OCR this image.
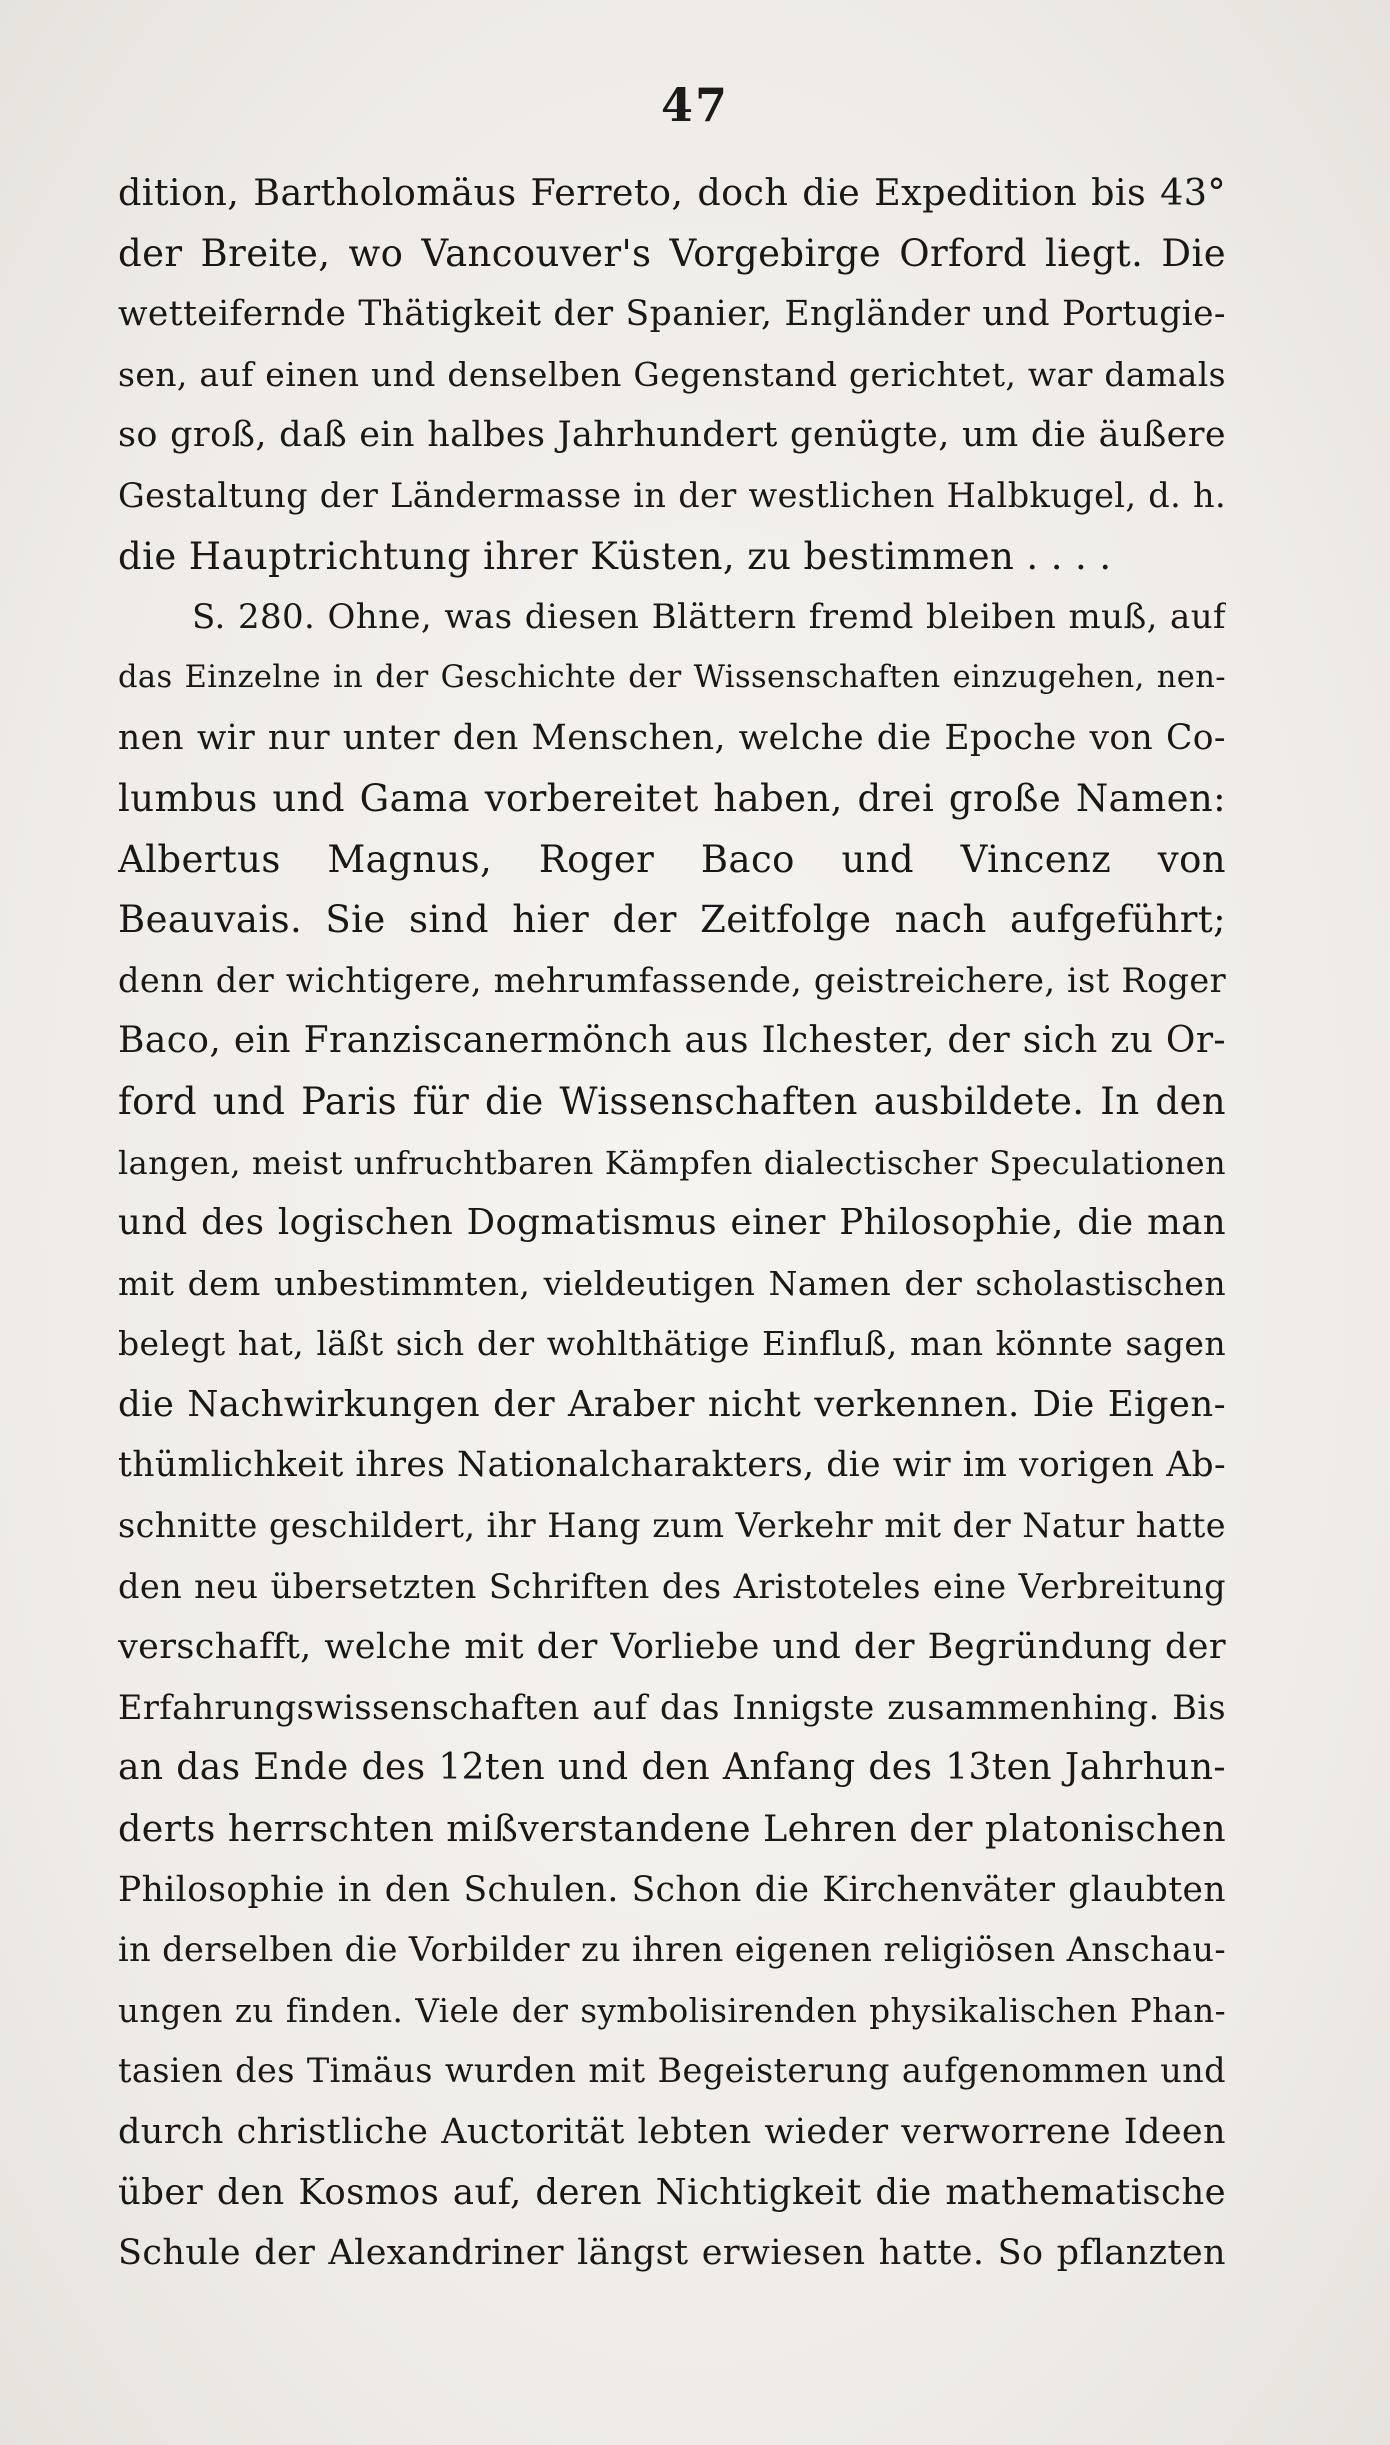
47
dition, Bartholomäus Ferreto, doch die Expedition bis 43°
der Breite, wo Vancouver's Vorgebirge Orford liegt. Die
wetteifernde Thätigkeit der Spanier, Engländer und Portugie-
sen, auf einen und denselben Gegenstand gerichtet, war damals
so groß, daß ein halbes Jahrhundert genügte, um die äußere
Gestaltung der Ländermasse in der westlichen Halbkugel, d. h.
die Hauptrichtung ihrer Küsten, zu bestimmen . . . .
S. 280. Ohne, was diesen Blättern fremd bleiben muß, auf
das Einzelne in der Geschichte der Wissenschaften einzugehen, nen-
nen wir nur unter den Menschen, welche die Epoche von Co-
lumbus und Gama vorbereitet haben, drei große Namen:
Albertus Magnus, Roger Baco und Vincenz von
Beauvais. Sie sind hier der Zeitfolge nach aufgeführt;
denn der wichtigere, mehrumfassende, geistreichere, ist Roger
Baco, ein Franziscanermönch aus Ilchester, der sich zu Or-
ford und Paris für die Wissenschaften ausbildete. In den
langen, meist unfruchtbaren Kämpfen dialectischer Speculationen
und des logischen Dogmatismus einer Philosophie, die man
mit dem unbestimmten, vieldeutigen Namen der scholastischen
belegt hat, läßt sich der wohlthätige Einfluß, man könnte sagen
die Nachwirkungen der Araber nicht verkennen. Die Eigen-
thümlichkeit ihres Nationalcharakters, die wir im vorigen Ab-
schnitte geschildert, ihr Hang zum Verkehr mit der Natur hatte
den neu übersetzten Schriften des Aristoteles eine Verbreitung
verschafft, welche mit der Vorliebe und der Begründung der
Erfahrungswissenschaften auf das Innigste zusammenhing. Bis
an das Ende des 12ten und den Anfang des 13ten Jahrhun-
derts herrschten mißverstandene Lehren der platonischen
Philosophie in den Schulen. Schon die Kirchenväter glaubten
in derselben die Vorbilder zu ihren eigenen religiösen Anschau-
ungen zu finden. Viele der symbolisirenden physikalischen Phan-
tasien des Timäus wurden mit Begeisterung aufgenommen und
durch christliche Auctorität lebten wieder verworrene Ideen
über den Kosmos auf, deren Nichtigkeit die mathematische
Schule der Alexandriner längst erwiesen hatte. So pflanzten
